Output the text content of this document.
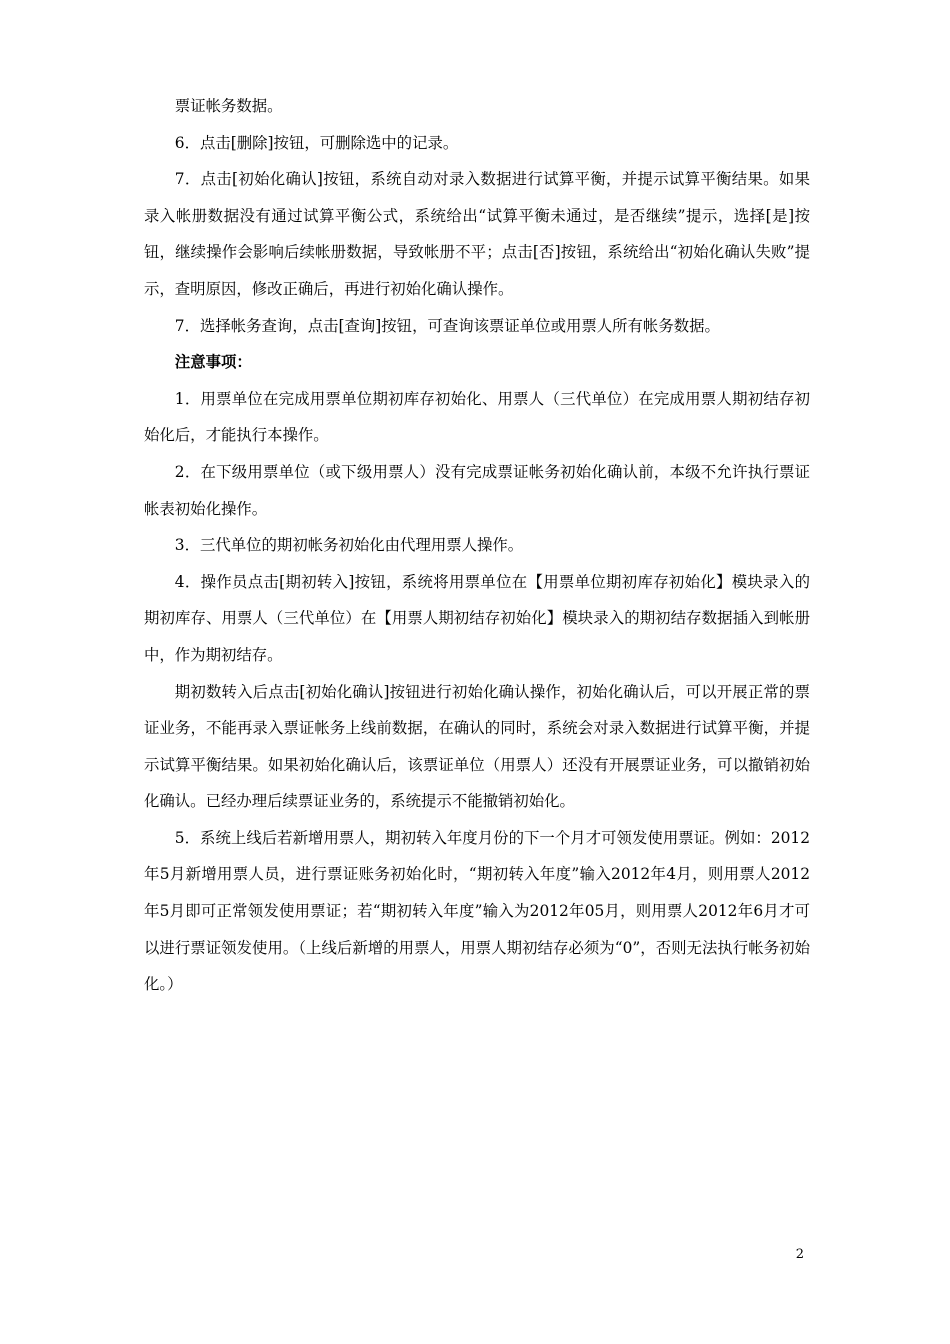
票证帐务数据。

6．点击[删除]按钮，可删除选中的记录。

7．点击[初始化确认]按钮，系统自动对录入数据进行试算平衡，并提示试算平衡结果。如果录入帐册数据没有通过试算平衡公式，系统给出“试算平衡未通过，是否继续”提示，选择[是]按钮，继续操作会影响后续帐册数据，导致帐册不平；点击[否]按钮，系统给出“初始化确认失败”提示，查明原因，修改正确后，再进行初始化确认操作。

7．选择帐务查询，点击[查询]按钮，可查询该票证单位或用票人所有帐务数据。

注意事项：

1．用票单位在完成用票单位期初库存初始化、用票人（三代单位）在完成用票人期初结存初始化后，才能执行本操作。

2．在下级用票单位（或下级用票人）没有完成票证帐务初始化确认前，本级不允许执行票证帐表初始化操作。

3．三代单位的期初帐务初始化由代理用票人操作。

4．操作员点击[期初转入]按钮，系统将用票单位在【用票单位期初库存初始化】模块录入的期初库存、用票人（三代单位）在【用票人期初结存初始化】模块录入的期初结存数据插入到帐册中，作为期初结存。

期初数转入后点击[初始化确认]按钮进行初始化确认操作，初始化确认后，可以开展正常的票证业务，不能再录入票证帐务上线前数据，在确认的同时，系统会对录入数据进行试算平衡，并提示试算平衡结果。如果初始化确认后，该票证单位（用票人）还没有开展票证业务，可以撤销初始化确认。已经办理后续票证业务的，系统提示不能撤销初始化。

5．系统上线后若新增用票人，期初转入年度月份的下一个月才可领发使用票证。例如：2012年5月新增用票人员，进行票证账务初始化时，“期初转入年度”输入2012年4月，则用票人2012年5月即可正常领发使用票证；若“期初转入年度”输入为2012年05月，则用票人2012年6月才可以进行票证领发使用。（上线后新增的用票人，用票人期初结存必须为“0”，否则无法执行帐务初始化。）

2
